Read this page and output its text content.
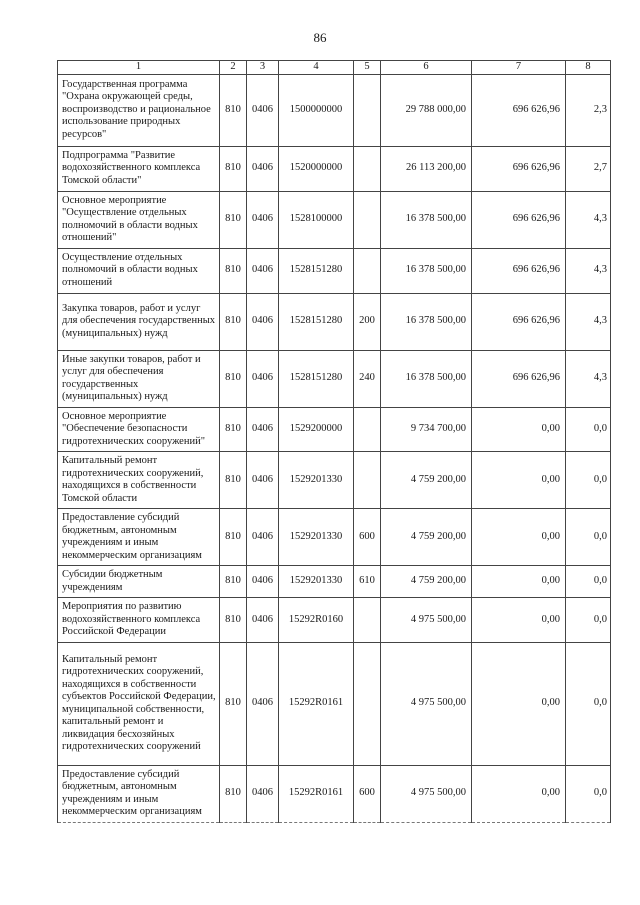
86
1	2	3	4	5	6	7	8
Государственная программа "Охрана окружающей среды, воспроизводство и рациональное использование природных ресурсов"	810	0406	1500000000		29 788 000,00	696 626,96	2,3
Подпрограмма "Развитие водохозяйственного комплекса Томской области"	810	0406	1520000000		26 113 200,00	696 626,96	2,7
Основное мероприятие "Осуществление отдельных полномочий в области водных отношений"	810	0406	1528100000		16 378 500,00	696 626,96	4,3
Осуществление отдельных полномочий в области водных отношений	810	0406	1528151280		16 378 500,00	696 626,96	4,3
Закупка товаров, работ и услуг для обеспечения государственных (муниципальных) нужд	810	0406	1528151280	200	16 378 500,00	696 626,96	4,3
Иные закупки товаров, работ и услуг для обеспечения государственных (муниципальных) нужд	810	0406	1528151280	240	16 378 500,00	696 626,96	4,3
Основное мероприятие "Обеспечение безопасности гидротехнических сооружений"	810	0406	1529200000		9 734 700,00	0,00	0,0
Капитальный ремонт гидротехнических сооружений, находящихся в собственности Томской области	810	0406	1529201330		4 759 200,00	0,00	0,0
Предоставление субсидий бюджетным, автономным учреждениям и иным некоммерческим организациям	810	0406	1529201330	600	4 759 200,00	0,00	0,0
Субсидии бюджетным учреждениям	810	0406	1529201330	610	4 759 200,00	0,00	0,0
Мероприятия по развитию водохозяйственного комплекса Российской Федерации	810	0406	15292R0160		4 975 500,00	0,00	0,0
Капитальный ремонт гидротехнических сооружений, находящихся в собственности субъектов Российской Федерации, муниципальной собственности, капитальный ремонт и ликвидация бесхозяйных гидротехнических сооружений	810	0406	15292R0161		4 975 500,00	0,00	0,0
Предоставление субсидий бюджетным, автономным учреждениям и иным некоммерческим организациям	810	0406	15292R0161	600	4 975 500,00	0,00	0,0
